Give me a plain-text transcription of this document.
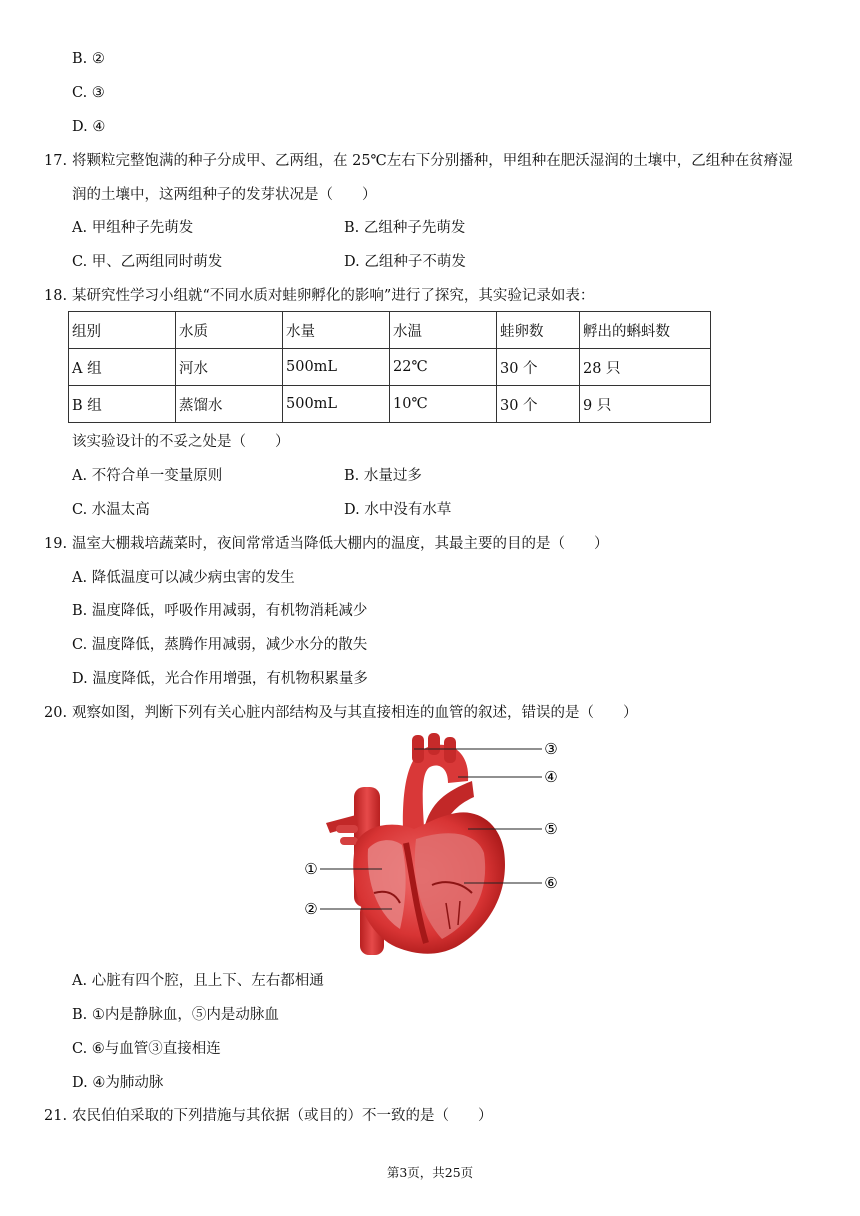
B. ②
C. ③
D. ④
17. 将颗粒完整饱满的种子分成甲、乙两组，在 25℃左右下分别播种，甲组种在肥沃湿润的土壤中，乙组种在贫瘠湿
润的土壤中，这两组种子的发芽状况是（　　）
A. 甲组种子先萌发	B. 乙组种子先萌发
C. 甲、乙两组同时萌发	D. 乙组种子不萌发
18. 某研究性学习小组就“不同水质对蛙卵孵化的影响”进行了探究，其实验记录如表：
组别	水质	水量	水温	蛙卵数	孵出的蝌蚪数
A 组	河水	500mL	22℃	30 个	28 只
B 组	蒸馏水	500mL	10℃	30 个	9 只
该实验设计的不妥之处是（　　）
A. 不符合单一变量原则	B. 水量过多
C. 水温太高	D. 水中没有水草
19. 温室大棚栽培蔬菜时，夜间常常适当降低大棚内的温度，其最主要的目的是（　　）
A. 降低温度可以减少病虫害的发生
B. 温度降低，呼吸作用减弱，有机物消耗减少
C. 温度降低，蒸腾作用减弱，减少水分的散失
D. 温度降低，光合作用增强，有机物积累量多
20. 观察如图，判断下列有关心脏内部结构及与其直接相连的血管的叙述，错误的是（　　）
③
④
⑤
⑥
①
②
A. 心脏有四个腔，且上下、左右都相通
B. ①内是静脉血，⑤内是动脉血
C. ⑥与血管③直接相连
D. ④为肺动脉
21. 农民伯伯采取的下列措施与其依据（或目的）不一致的是（　　）
第3页，共25页
